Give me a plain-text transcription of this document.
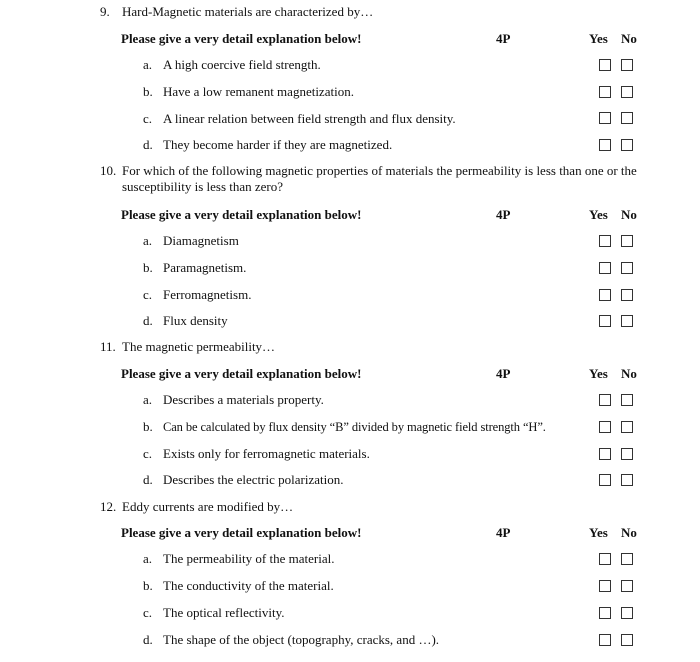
9. Hard-Magnetic materials are characterized by…
Please give a very detail explanation below!	4P	Yes No
a. A high coercive field strength.
b. Have a low remanent magnetization.
c. A linear relation between field strength and flux density.
d. They become harder if they are magnetized.
10. For which of the following magnetic properties of materials the permeability is less than one or the susceptibility is less than zero?
Please give a very detail explanation below!	4P	Yes No
a. Diamagnetism
b. Paramagnetism.
c. Ferromagnetism.
d. Flux density
11. The magnetic permeability…
Please give a very detail explanation below!	4P	Yes No
a. Describes a materials property.
b. Can be calculated by flux density “B” divided by magnetic field strength “H”.
c. Exists only for ferromagnetic materials.
d. Describes the electric polarization.
12. Eddy currents are modified by…
Please give a very detail explanation below!	4P	Yes No
a. The permeability of the material.
b. The conductivity of the material.
c. The optical reflectivity.
d. The shape of the object (topography, cracks, and …).
